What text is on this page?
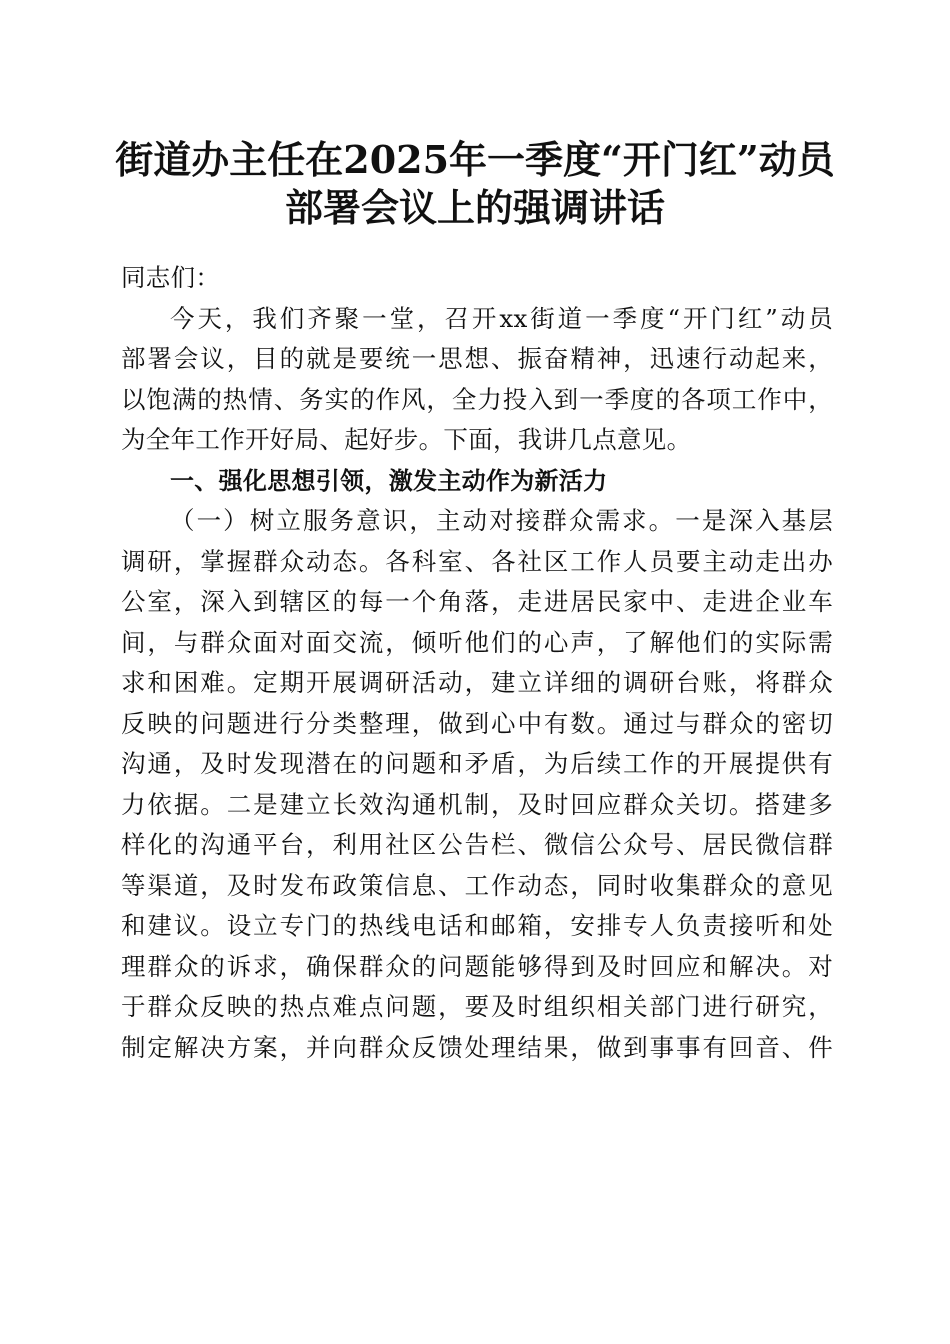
街道办主任在2025年一季度“开门红”动员
部署会议上的强调讲话
同志们：
今天，我们齐聚一堂，召开xx街道一季度“开门红”动员
部署会议，目的就是要统一思想、振奋精神，迅速行动起来，
以饱满的热情、务实的作风，全力投入到一季度的各项工作中，
为全年工作开好局、起好步。下面，我讲几点意见。
一、强化思想引领，激发主动作为新活力
（一）树立服务意识，主动对接群众需求。一是深入基层
调研，掌握群众动态。各科室、各社区工作人员要主动走出办
公室，深入到辖区的每一个角落，走进居民家中、走进企业车
间，与群众面对面交流，倾听他们的心声，了解他们的实际需
求和困难。定期开展调研活动，建立详细的调研台账，将群众
反映的问题进行分类整理，做到心中有数。通过与群众的密切
沟通，及时发现潜在的问题和矛盾，为后续工作的开展提供有
力依据。二是建立长效沟通机制，及时回应群众关切。搭建多
样化的沟通平台，利用社区公告栏、微信公众号、居民微信群
等渠道，及时发布政策信息、工作动态，同时收集群众的意见
和建议。设立专门的热线电话和邮箱，安排专人负责接听和处
理群众的诉求，确保群众的问题能够得到及时回应和解决。对
于群众反映的热点难点问题，要及时组织相关部门进行研究，
制定解决方案，并向群众反馈处理结果，做到事事有回音、件
